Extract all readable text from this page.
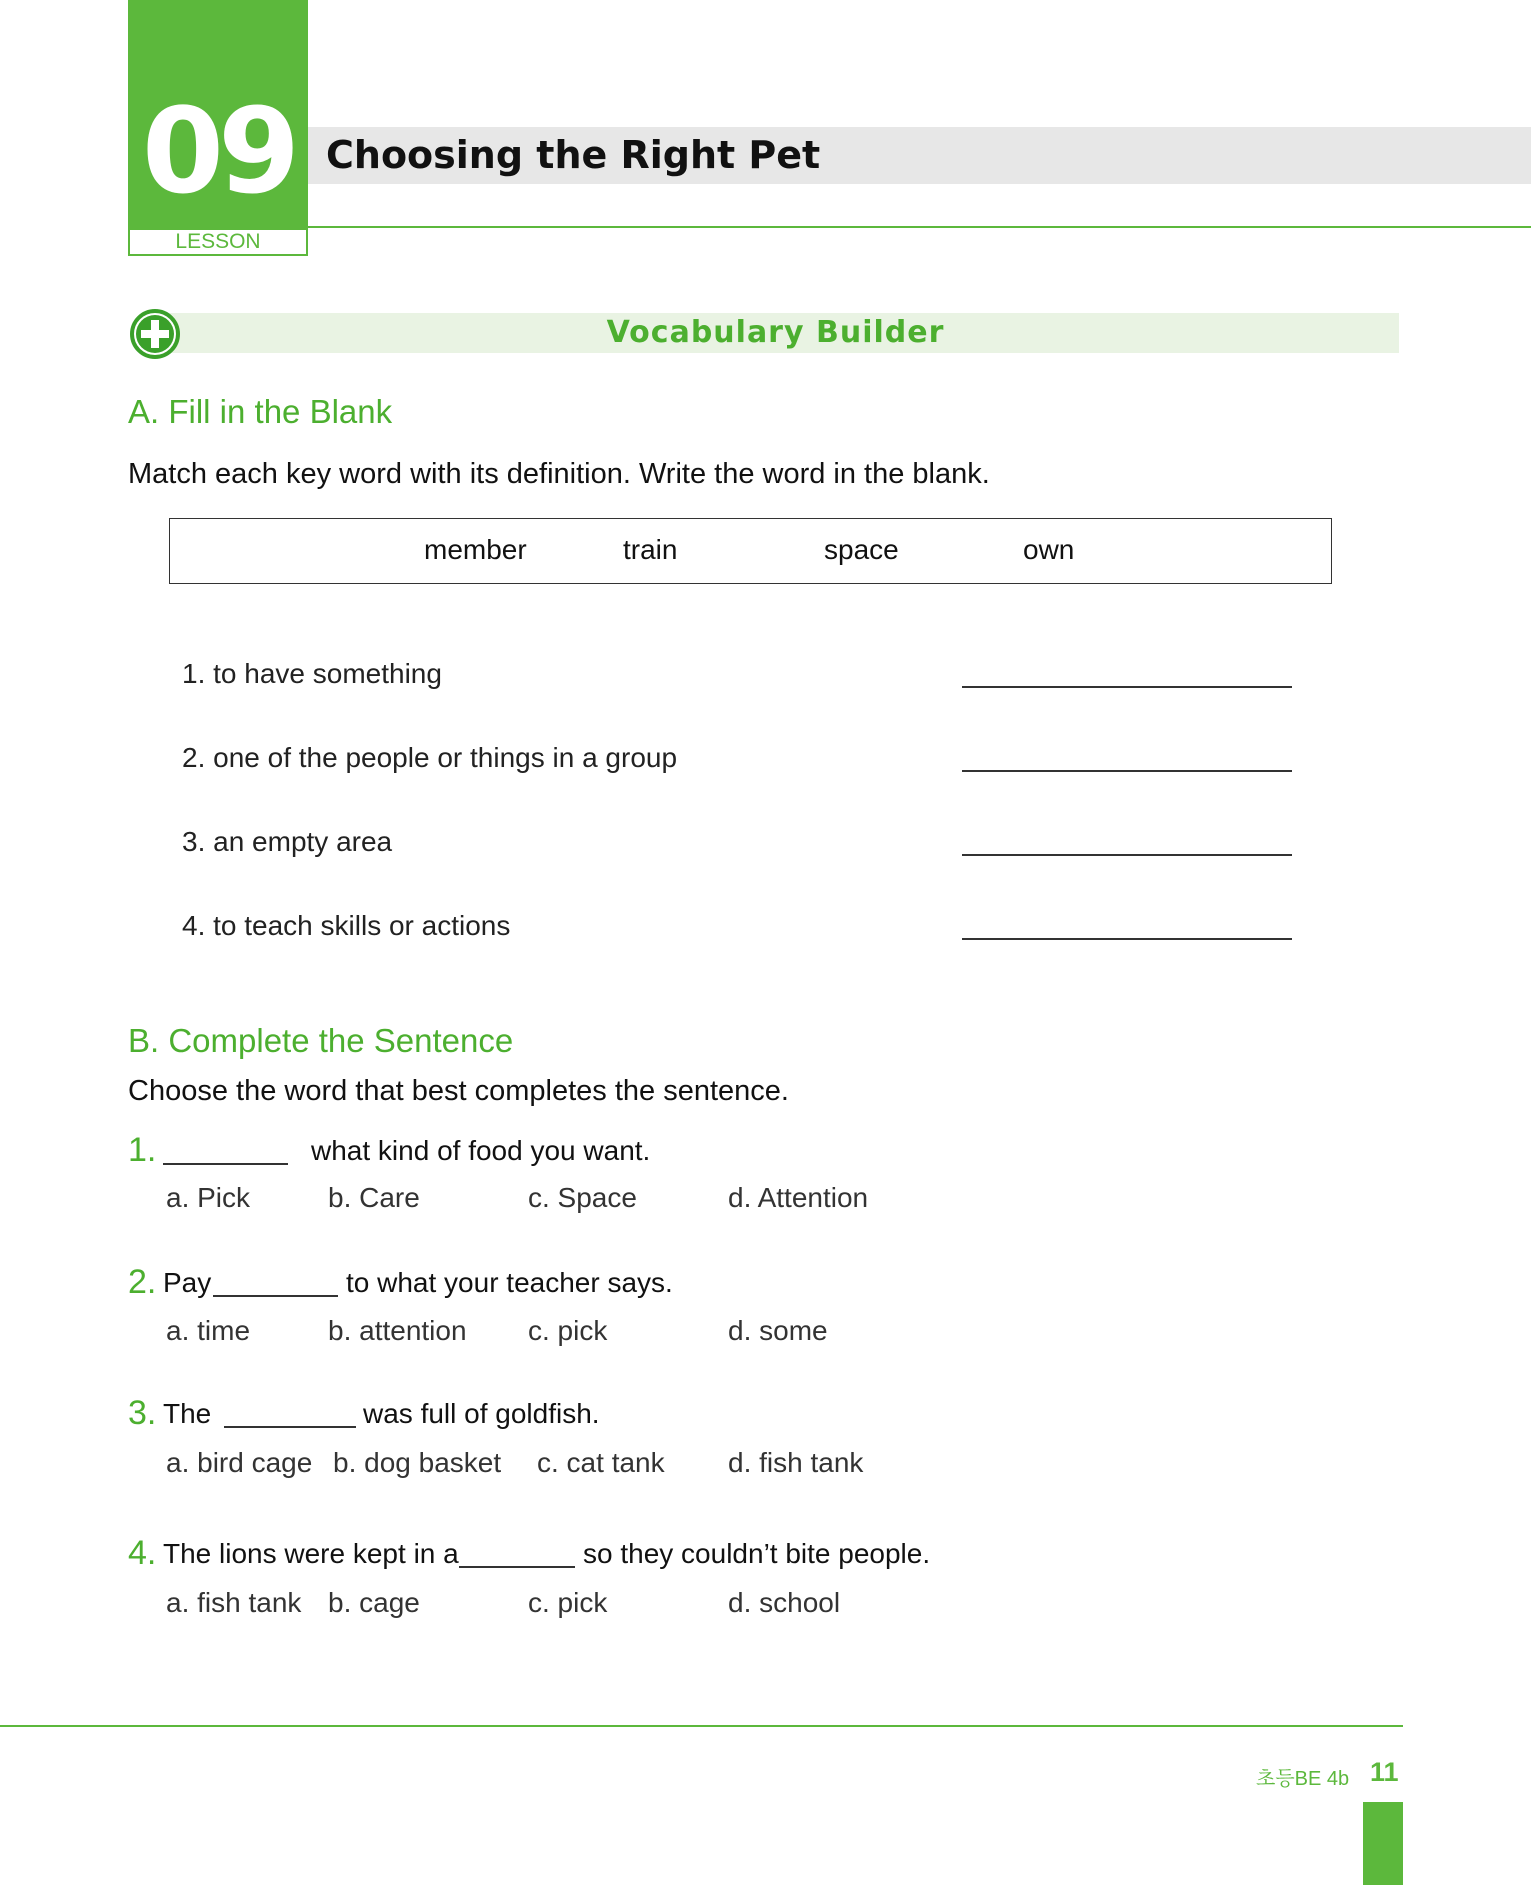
09
LESSON
Choosing the Right Pet
Vocabulary Builder
A. Fill in the Blank
Match each key word with its definition. Write the word in the blank.
member	train	space	own
1. to have something
2. one of the people or things in a group
3. an empty area
4. to teach skills or actions
B. Complete the Sentence
Choose the word that best completes the sentence.
1.	what kind of food you want.
a. Pick	b. Care	c. Space	d. Attention
2. Pay	to what your teacher says.
a. time	b. attention c. pick	d. some
3. The	was full of goldfish.
a. bird cage b. dog basket c. cat tank d. fish tank
4. The lions were kept in a	so they couldn’t bite people.
a. fish tank b. cage	c. pick	d. school
초등BE 4b 11
